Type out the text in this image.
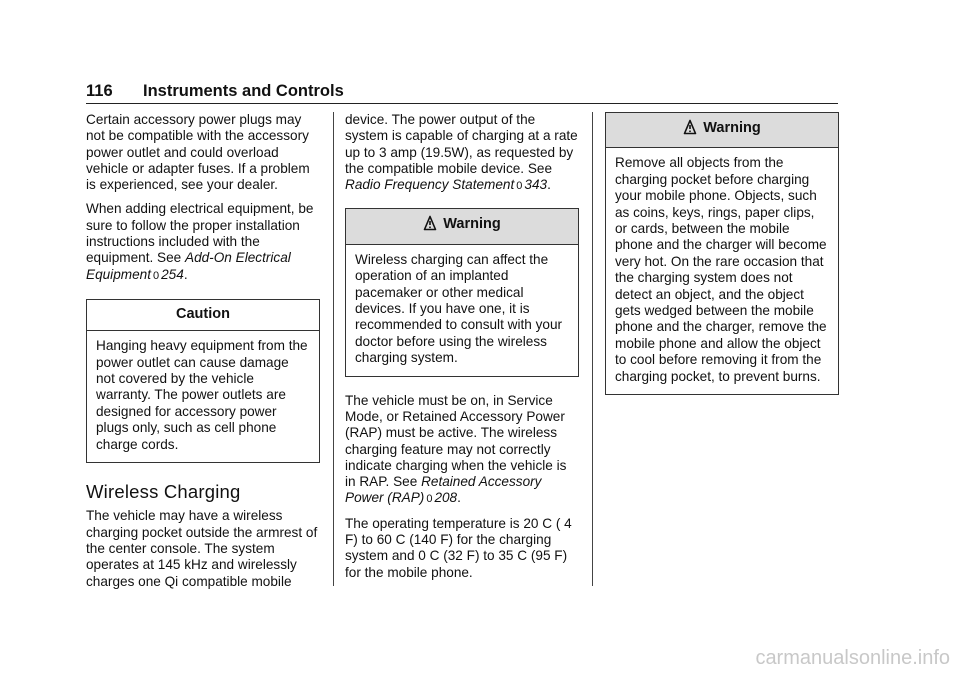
116 Instruments and Controls

Certain accessory power plugs may not be compatible with the accessory power outlet and could overload vehicle or adapter fuses. If a problem is experienced, see your dealer.

When adding electrical equipment, be sure to follow the proper installation instructions included with the equipment. See Add-On Electrical Equipment 0 254.

Caution
Hanging heavy equipment from the power outlet can cause damage not covered by the vehicle warranty. The power outlets are designed for accessory power plugs only, such as cell phone charge cords.
Wireless Charging

The vehicle may have a wireless charging pocket outside the armrest of the center console. The system operates at 145 kHz and wirelessly charges one Qi compatible mobile

device. The power output of the system is capable of charging at a rate up to 3 amp (19.5W), as requested by the compatible mobile device. See Radio Frequency Statement 0 343.

Warning
Wireless charging can affect the operation of an implanted pacemaker or other medical devices. If you have one, it is recommended to consult with your doctor before using the wireless charging system.

The vehicle must be on, in Service Mode, or Retained Accessory Power (RAP) must be active. The wireless charging feature may not correctly indicate charging when the vehicle is in RAP. See Retained Accessory Power (RAP) 0 208.

The operating temperature is 20 C ( 4 F) to 60 C (140 F) for the charging system and 0 C (32 F) to 35 C (95 F) for the mobile phone.

Warning
Remove all objects from the charging pocket before charging your mobile phone. Objects, such as coins, keys, rings, paper clips, or cards, between the mobile phone and the charger will become very hot. On the rare occasion that the charging system does not detect an object, and the object gets wedged between the mobile phone and the charger, remove the mobile phone and allow the object to cool before removing it from the charging pocket, to prevent burns.
carmanualsonline.info
